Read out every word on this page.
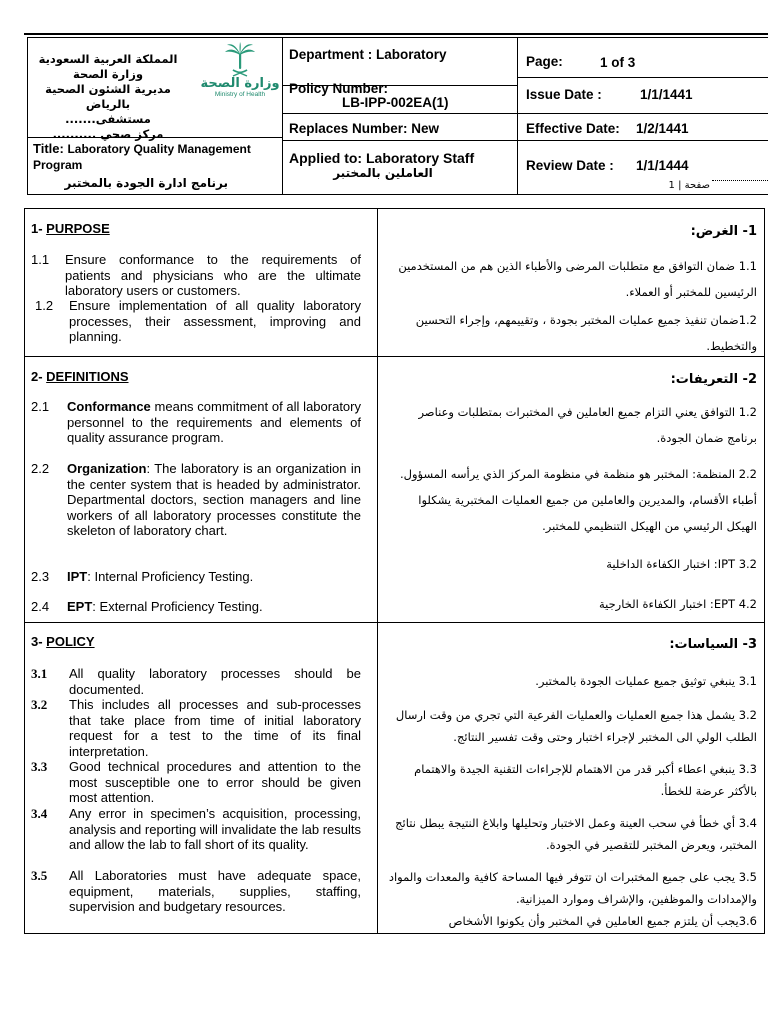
المملكة العربية السعودية
وزارة الصحة
مديرية الشئون الصحية بالرياض
مستشفى.......
مركز صحي ..........
وزارة الصحة
Ministry of Health
Title: Laboratory Quality Management Program
برنامج ادارة الجودة بالمختبر
Department : Laboratory
Policy Number:
LB-IPP-002EA(1)
Replaces Number: New
Applied to: Laboratory Staff
العاملين بالمختبر
Page:	1 of 3
Issue Date :	1/1/1441
Effective Date: 1/2/1441
Review Date : 1/1/1444
صفحة | 1
1- PURPOSE
1.1 Ensure conformance to the requirements of patients and physicians who are the ultimate laboratory users or customers.
1.2 Ensure implementation of all quality laboratory processes, their assessment, improving and planning.
1- الغرض:
1.1 ضمان التوافق مع متطلبات المرضى والأطباء الذين هم من المستخدمين الرئيسين للمختبر أو العملاء.
1.2ضمان تنفيذ جميع عمليات المختبر بجودة ، وتقييمهم، وإجراء التحسين والتخطيط.
2- DEFINITIONS
2.1 Conformance means commitment of all laboratory personnel to the requirements and elements of quality assurance program.
2.2 Organization: The laboratory is an organization in the center system that is headed by administrator. Departmental doctors, section managers and line workers of all laboratory processes constitute the skeleton of laboratory chart.
2.3 IPT: Internal Proficiency Testing.
2.4 EPT: External Proficiency Testing.
2- التعريفات:
1.2 التوافق يعني التزام جميع العاملين في المختبرات بمتطلبات وعناصر برنامج ضمان الجودة.
2.2 المنظمة: المختبر هو منظمة في منظومة المركز الذي يرأسه المسؤول. أطباء الأقسام، والمديرين والعاملين من جميع العمليات المختبرية يشكلوا الهيكل الرئيسي من الهيكل التنظيمي للمختبر.
3.2 IPT: اختبار الكفاءة الداخلية
4.2 EPT: اختبار الكفاءة الخارجية
3- POLICY
3.1 All quality laboratory processes should be documented.
3.2 This includes all processes and sub-processes that take place from time of initial laboratory request for a test to the time of its final interpretation.
3.3 Good technical procedures and attention to the most susceptible one to error should be given most attention.
3.4 Any error in specimen’s acquisition, processing, analysis and reporting will invalidate the lab results and allow the lab to fall short of its quality.
3.5 All Laboratories must have adequate space, equipment, materials, supplies, staffing, supervision and budgetary resources.
3- السياسات:
3.1 ينبغي توثيق جميع عمليات الجودة بالمختبر.
3.2 يشمل هذا جميع العمليات والعمليات الفرعية التي تجري من وقت ارسال الطلب الولي الى المختبر لإجراء اختبار وحتى وقت تفسير النتائج.
3.3 ينبغي اعطاء أكبر قدر من الاهتمام للإجراءات التقنية الجيدة والاهتمام بالأكثر عرضة للخطأ.
3.4 أي خطأ في سحب العينة وعمل الاختبار وتحليلها وابلاغ النتيجة يبطل نتائج المختبر، ويعرض المختبر للتقصير في الجودة.
3.5 يجب على جميع المختبرات ان تتوفر فيها المساحة كافية والمعدات والمواد والإمدادات والموظفين، والإشراف وموارد الميزانية.
3.6يجب أن يلتزم جميع العاملين في المختبر وأن يكونوا الأشخاص
